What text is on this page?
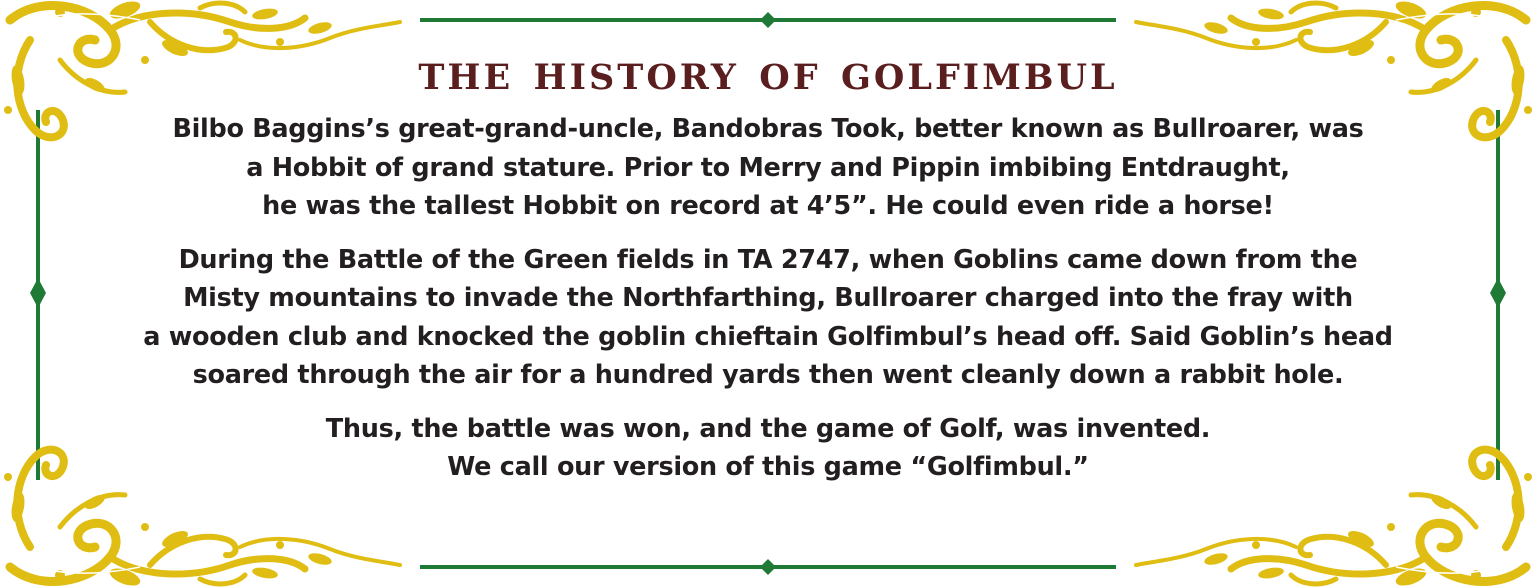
the history of golfimbul
Bilbo Baggins’s great-grand-uncle, Bandobras Took, better known as Bullroarer, was
a Hobbit of grand stature. Prior to Merry and Pippin imbibing Entdraught,
he was the tallest Hobbit on record at 4’5”. He could even ride a horse!
During the Battle of the Green fields in TA 2747, when Goblins came down from the
Misty mountains to invade the Northfarthing, Bullroarer charged into the fray with
a wooden club and knocked the goblin chieftain Golfimbul’s head off. Said Goblin’s head
soared through the air for a hundred yards then went cleanly down a rabbit hole.
Thus, the battle was won, and the game of Golf, was invented.
We call our version of this game “Golfimbul.”
